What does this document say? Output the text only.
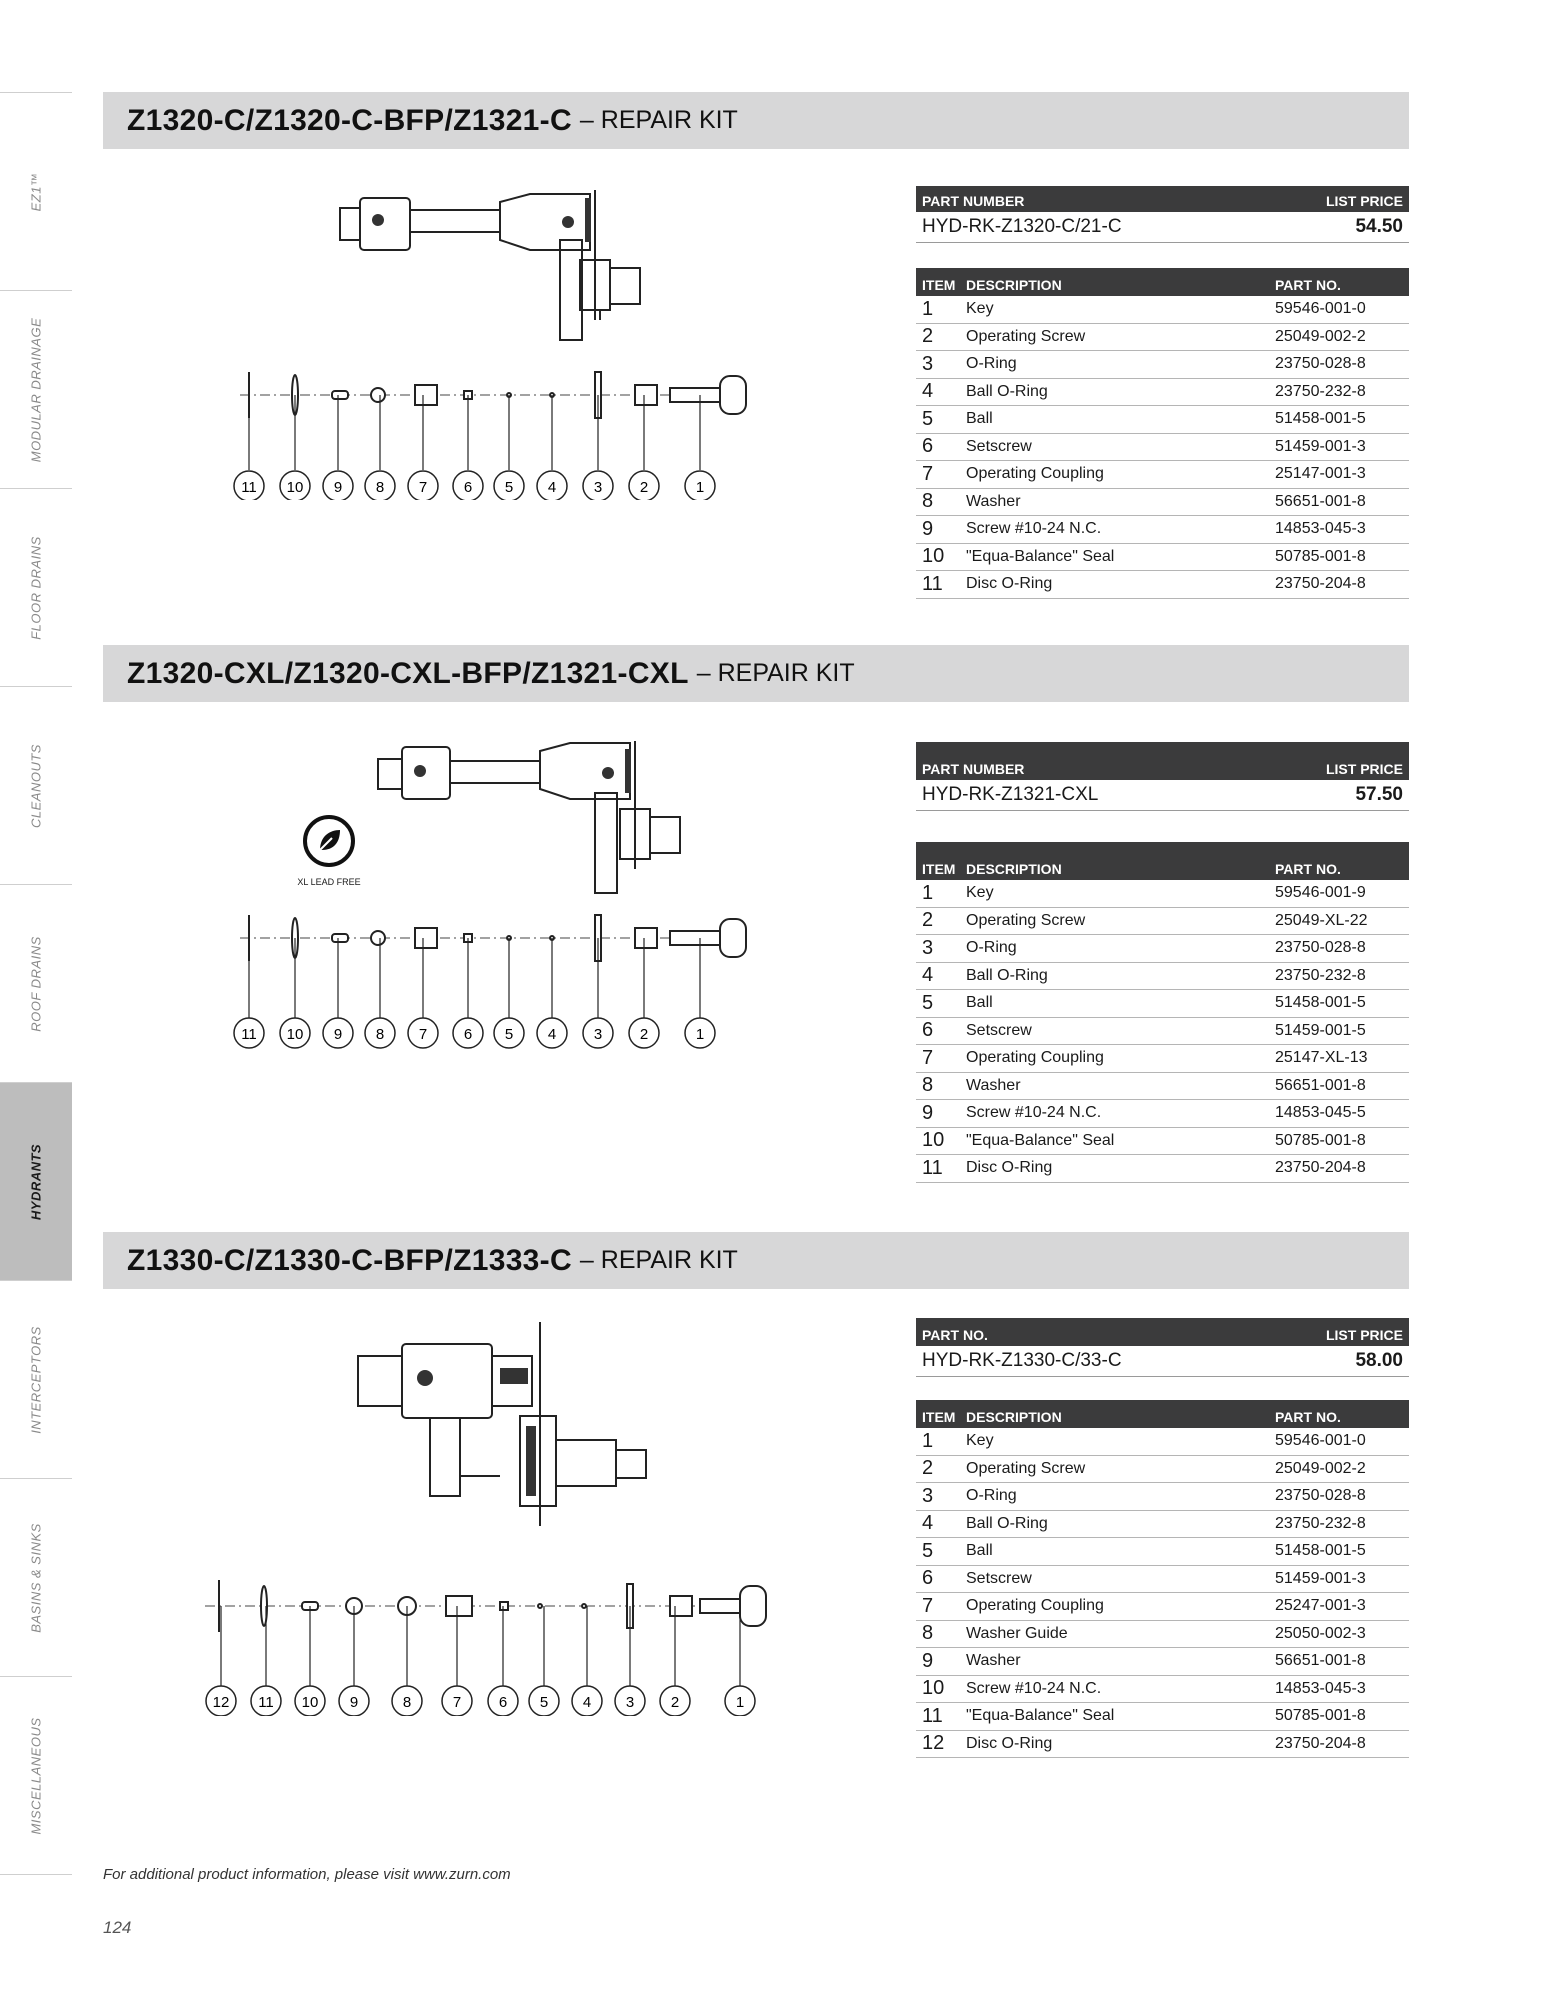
EZ1™
MODULAR DRAINAGE
FLOOR DRAINS
CLEANOUTS
ROOF DRAINS
HYDRANTS
INTERCEPTORS
BASINS & SINKS
MISCELLANEOUS
Z1320-C/Z1320-C-BFP/Z1321-C – REPAIR KIT
11 10 9 8 7 6 5 4	3	2	1
PART NUMBER	LIST PRICE
HYD-RK-Z1320-C/21-C	54.50
ITEM DESCRIPTION	PART NO.
1	Key	59546-001-0
2	Operating Screw	25049-002-2
3	O-Ring	23750-028-8
4	Ball O-Ring	23750-232-8
5	Ball	51458-001-5
6	Setscrew	51459-001-3
7	Operating Coupling	25147-001-3
8	Washer	56651-001-8
9	Screw #10-24 N.C.	14853-045-3
10	"Equa-Balance" Seal	50785-001-8
11	Disc O-Ring	23750-204-8
Z1320-CXL/Z1320-CXL-BFP/Z1321-CXL – REPAIR KIT
XL LEAD FREE
11 10 9 8 7 6 5 4	3	2	1
PART NUMBER	LIST PRICE
HYD-RK-Z1321-CXL	57.50
ITEM DESCRIPTION	PART NO.
1	Key	59546-001-9
2	Operating Screw	25049-XL-22
3	O-Ring	23750-028-8
4	Ball O-Ring	23750-232-8
5	Ball	51458-001-5
6	Setscrew	51459-001-5
7	Operating Coupling	25147-XL-13
8	Washer	56651-001-8
9	Screw #10-24 N.C.	14853-045-5
10	"Equa-Balance" Seal	50785-001-8
11	Disc O-Ring	23750-204-8
Z1330-C/Z1330-C-BFP/Z1333-C – REPAIR KIT
12 11 10 9	8	7	6 5 4 3 2	1
PART NO.	LIST PRICE
HYD-RK-Z1330-C/33-C	58.00
ITEM DESCRIPTION	PART NO.
1	Key	59546-001-0
2	Operating Screw	25049-002-2
3	O-Ring	23750-028-8
4	Ball O-Ring	23750-232-8
5	Ball	51458-001-5
6	Setscrew	51459-001-3
7	Operating Coupling	25247-001-3
8	Washer Guide	25050-002-3
9	Washer	56651-001-8
10	Screw #10-24 N.C.	14853-045-3
11	"Equa-Balance" Seal	50785-001-8
12	Disc O-Ring	23750-204-8
For additional product information, please visit www.zurn.com
124
